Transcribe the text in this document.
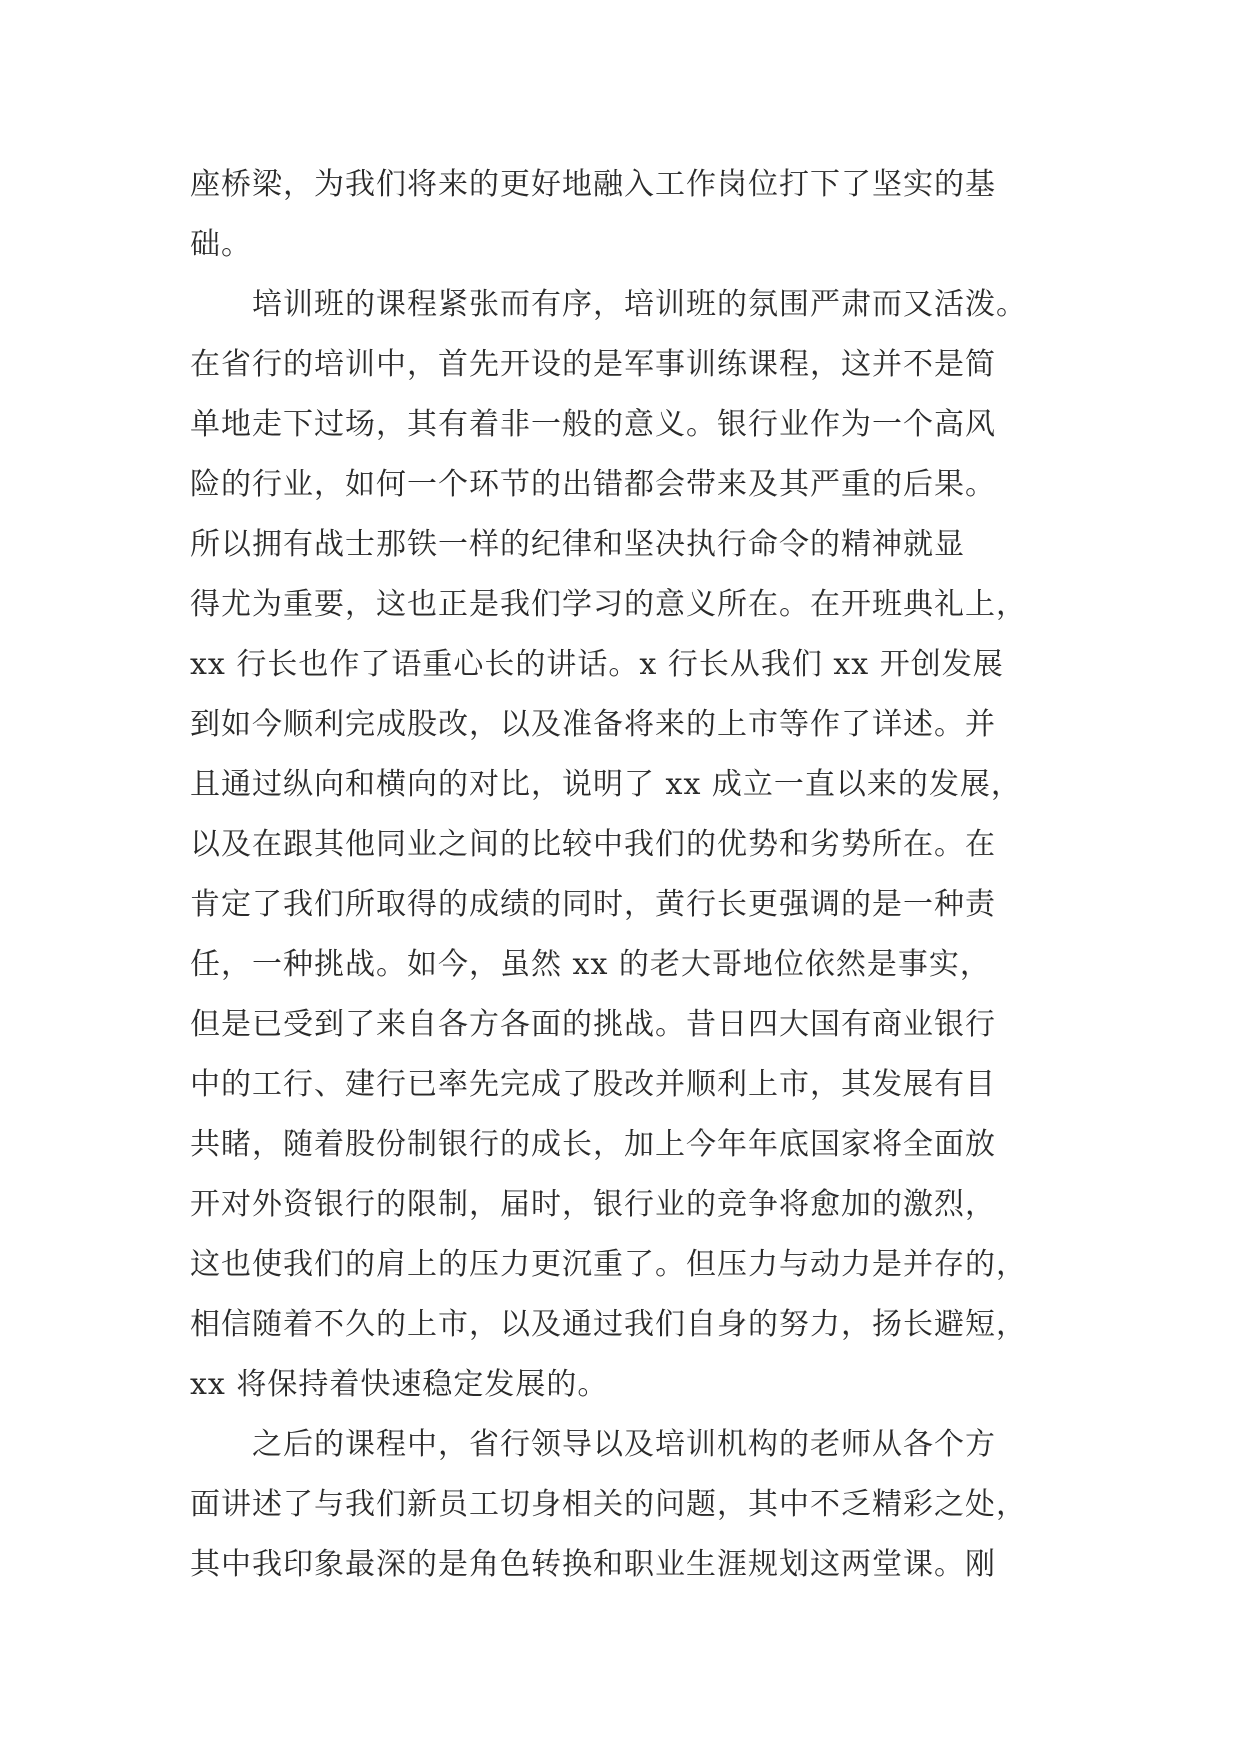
座桥梁，为我们将来的更好地融入工作岗位打下了坚实的基
础。
培训班的课程紧张而有序，培训班的氛围严肃而又活泼。
在省行的培训中，首先开设的是军事训练课程，这并不是简
单地走下过场，其有着非一般的意义。银行业作为一个高风
险的行业，如何一个环节的出错都会带来及其严重的后果。
所以拥有战士那铁一样的纪律和坚决执行命令的精神就显
得尤为重要，这也正是我们学习的意义所在。在开班典礼上，
xx 行长也作了语重心长的讲话。x 行长从我们 xx 开创发展
到如今顺利完成股改，以及准备将来的上市等作了详述。并
且通过纵向和横向的对比，说明了 xx 成立一直以来的发展，
以及在跟其他同业之间的比较中我们的优势和劣势所在。在
肯定了我们所取得的成绩的同时，黄行长更强调的是一种责
任，一种挑战。如今，虽然 xx 的老大哥地位依然是事实，
但是已受到了来自各方各面的挑战。昔日四大国有商业银行
中的工行、建行已率先完成了股改并顺利上市，其发展有目
共睹，随着股份制银行的成长，加上今年年底国家将全面放
开对外资银行的限制，届时，银行业的竞争将愈加的激烈，
这也使我们的肩上的压力更沉重了。但压力与动力是并存的，
相信随着不久的上市，以及通过我们自身的努力，扬长避短，
xx 将保持着快速稳定发展的。
之后的课程中，省行领导以及培训机构的老师从各个方
面讲述了与我们新员工切身相关的问题，其中不乏精彩之处，
其中我印象最深的是角色转换和职业生涯规划这两堂课。刚
